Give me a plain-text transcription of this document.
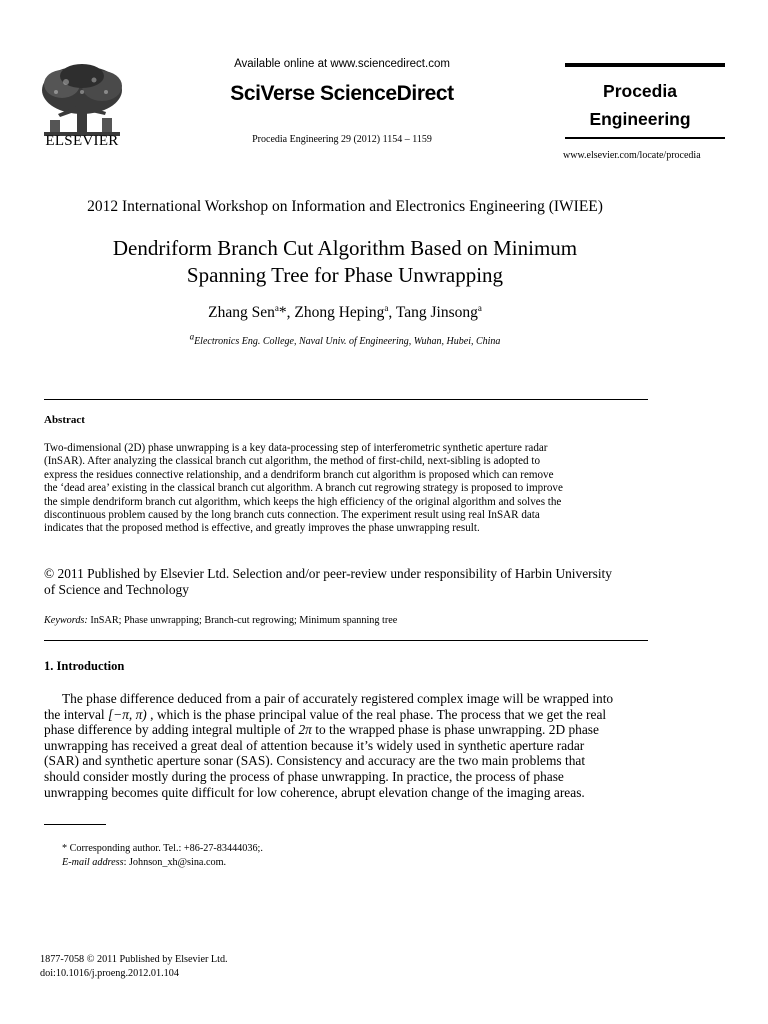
ELSEVIER
Available online at www.sciencedirect.com
SciVerse ScienceDirect
Procedia Engineering 29 (2012) 1154 – 1159
Procedia
Engineering
www.elsevier.com/locate/procedia
2012 International Workshop on Information and Electronics Engineering (IWIEE)
Dendriform Branch Cut Algorithm Based on Minimum
Spanning Tree for Phase Unwrapping
Zhang Sen$^a$*, Zhong Heping$^a$, Tang Jinsong$^a$
$^a$Electronics Eng. College, Naval Univ. of Engineering, Wuhan, Hubei, China
Abstract
Two-dimensional (2D) phase unwrapping is a key data-processing step of interferometric synthetic aperture radar
(InSAR). After analyzing the classical branch cut algorithm, the method of first-child, next-sibling is adopted to
express the residues connective relationship, and a dendriform branch cut algorithm is proposed which can remove
the ‘dead area’ existing in the classical branch cut algorithm. A branch cut regrowing strategy is proposed to improve
the simple dendriform branch cut algorithm, which keeps the high efficiency of the original algorithm and solves the
discontinuous problem caused by the long branch cuts connection. The experiment result using real InSAR data
indicates that the proposed method is effective, and greatly improves the phase unwrapping result.
© 2011 Published by Elsevier Ltd. Selection and/or peer-review under responsibility of Harbin University
of Science and Technology
Keywords: InSAR; Phase unwrapping; Branch-cut regrowing; Minimum spanning tree
1. Introduction
The phase difference deduced from a pair of accurately registered complex image will be wrapped into
the interval [−π, π) , which is the phase principal value of the real phase. The process that we get the real
phase difference by adding integral multiple of 2π to the wrapped phase is phase unwrapping. 2D phase
unwrapping has received a great deal of attention because it’s widely used in synthetic aperture radar
(SAR) and synthetic aperture sonar (SAS). Consistency and accuracy are the two main problems that
should consider mostly during the process of phase unwrapping. In practice, the process of phase
unwrapping becomes quite difficult for low coherence, abrupt elevation change of the imaging areas.
* Corresponding author. Tel.: +86-27-83444036;.
E-mail address: Johnson_xh@sina.com.
1877-7058 © 2011 Published by Elsevier Ltd.
doi:10.1016/j.proeng.2012.01.104
